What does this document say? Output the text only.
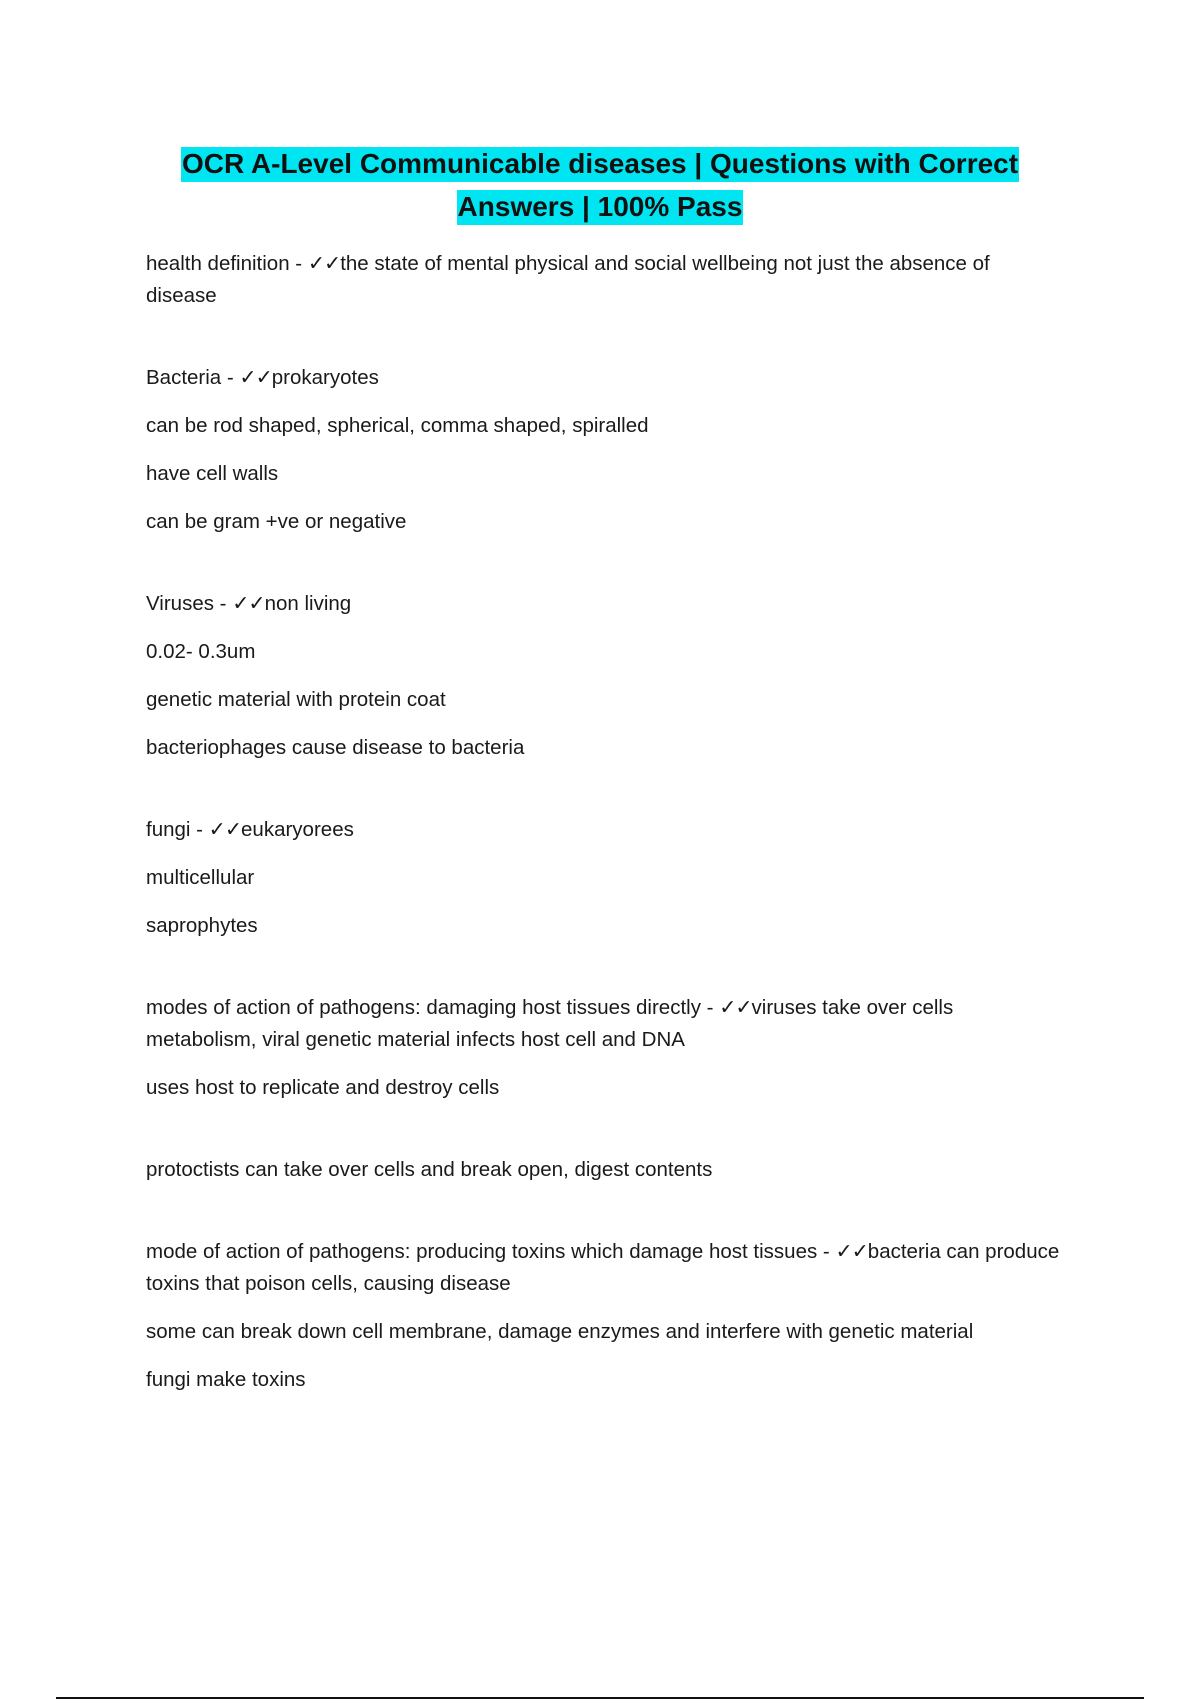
OCR A-Level Communicable diseases | Questions with Correct
Answers | 100% Pass
health definition - ✓✓the state of mental physical and social wellbeing not just the absence of disease
Bacteria - ✓✓prokaryotes
can be rod shaped, spherical, comma shaped, spiralled
have cell walls
can be gram +ve or negative
Viruses - ✓✓non living
0.02- 0.3um
genetic material with protein coat
bacteriophages cause disease to bacteria
fungi - ✓✓eukaryorees
multicellular
saprophytes
modes of action of pathogens: damaging host tissues directly - ✓✓viruses take over cells metabolism, viral genetic material infects host cell and DNA
uses host to replicate and destroy cells
protoctists can take over cells and break open, digest contents
mode of action of pathogens: producing toxins which damage host tissues - ✓✓bacteria can produce toxins that poison cells, causing disease
some can break down cell membrane, damage enzymes and interfere with genetic material
fungi make toxins
